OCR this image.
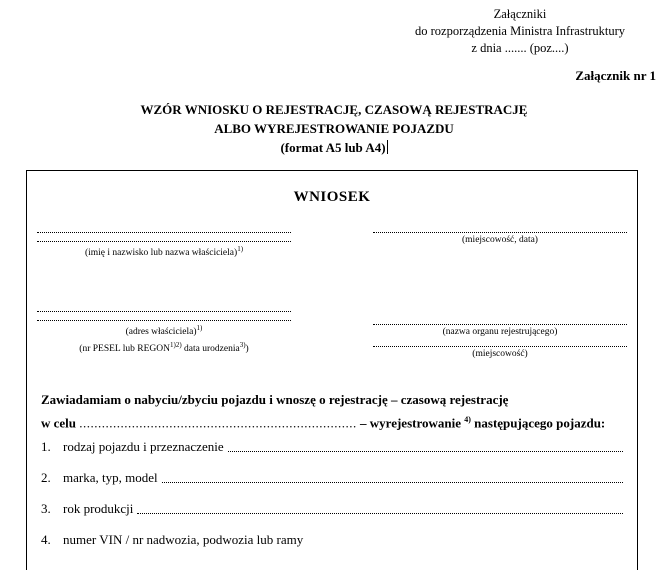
Załączniki
do rozporządzenia Ministra Infrastruktury
z dnia ....... (poz....)
Załącznik nr 1
WZÓR WNIOSKU O REJESTRACJĘ, CZASOWĄ REJESTRACJĘ
ALBO WYREJESTROWANIE POJAZDU
(format A5 lub A4)
WNIOSEK
(imię i nazwisko lub nazwa właściciela)$^{1)}$
(adres właściciela)$^{1)}$
(nr PESEL lub $REGON^{1)2)}$ data urodzenia$^{3)}$)
(miejscowość, data)
(nazwa organu rejestrującego)
(miejscowość)
Zawiadamiam o nabyciu/zbyciu pojazdu i wnoszę o rejestrację – czasową rejestrację
w celu .......................................................................... – wyrejestrowanie $^{4)}$ następującego pojazdu:
1. rodzaj pojazdu i przeznaczenie
2. marka, typ, model
3. rok produkcji
4. numer VIN / nr nadwozia, podwozia lub ramy
